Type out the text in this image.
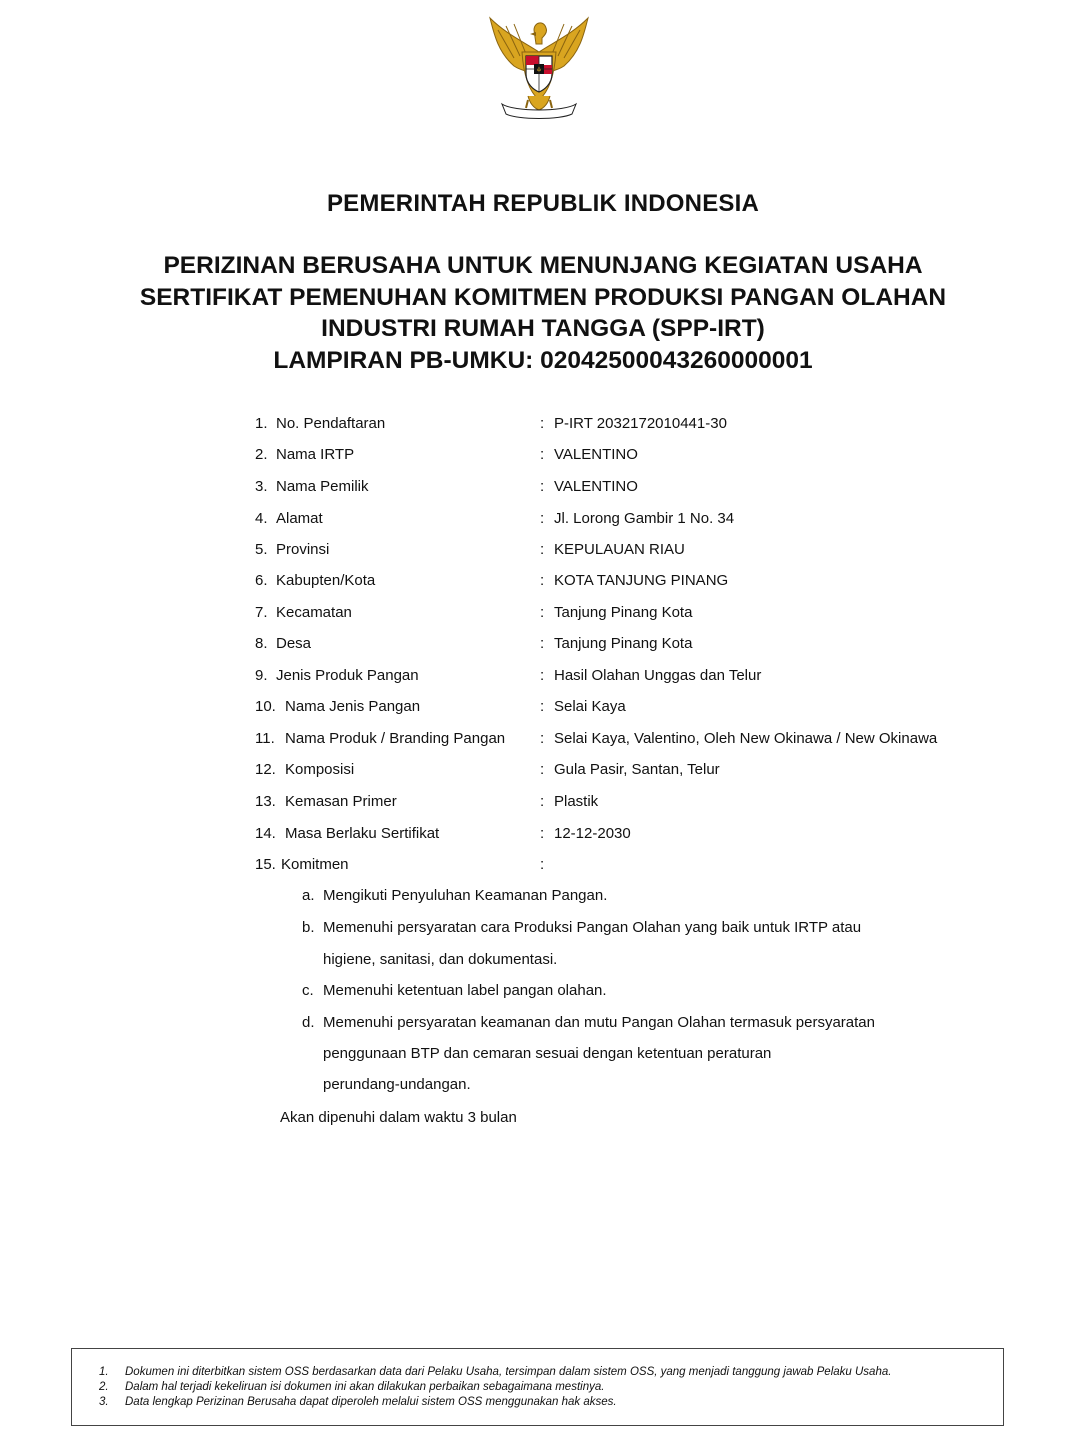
PEMERINTAH REPUBLIK INDONESIA
PERIZINAN BERUSAHA UNTUK MENUNJANG KEGIATAN USAHA
SERTIFIKAT PEMENUHAN KOMITMEN PRODUKSI PANGAN OLAHAN
INDUSTRI RUMAH TANGGA (SPP-IRT)
LAMPIRAN PB-UMKU: 02042500043260000001
1. No. Pendaftaran	: P-IRT 2032172010441-30
2. Nama IRTP	: VALENTINO
3. Nama Pemilik	: VALENTINO
4. Alamat	: Jl. Lorong Gambir 1 No. 34
5. Provinsi	: KEPULAUAN RIAU
6. Kabupten/Kota	: KOTA TANJUNG PINANG
7. Kecamatan	: Tanjung Pinang Kota
8. Desa	: Tanjung Pinang Kota
9. Jenis Produk Pangan	: Hasil Olahan Unggas dan Telur
10. Nama Jenis Pangan	: Selai Kaya
11. Nama Produk / Branding Pangan : Selai Kaya, Valentino, Oleh New Okinawa / New Okinawa
12. Komposisi	: Gula Pasir, Santan, Telur
13. Kemasan Primer	: Plastik
14. Masa Berlaku Sertifikat	: 12-12-2030
15. Komitmen	:
a. Mengikuti Penyuluhan Keamanan Pangan.
b. Memenuhi persyaratan cara Produksi Pangan Olahan yang baik untuk IRTP atau
higiene, sanitasi, dan dokumentasi.
c. Memenuhi ketentuan label pangan olahan.
d. Memenuhi persyaratan keamanan dan mutu Pangan Olahan termasuk persyaratan
penggunaan BTP dan cemaran sesuai dengan ketentuan peraturan
perundang-undangan.
Akan dipenuhi dalam waktu 3 bulan
1. Dokumen ini diterbitkan sistem OSS berdasarkan data dari Pelaku Usaha, tersimpan dalam sistem OSS, yang menjadi tanggung jawab Pelaku Usaha.
2. Dalam hal terjadi kekeliruan isi dokumen ini akan dilakukan perbaikan sebagaimana mestinya.
3. Data lengkap Perizinan Berusaha dapat diperoleh melalui sistem OSS menggunakan hak akses.
